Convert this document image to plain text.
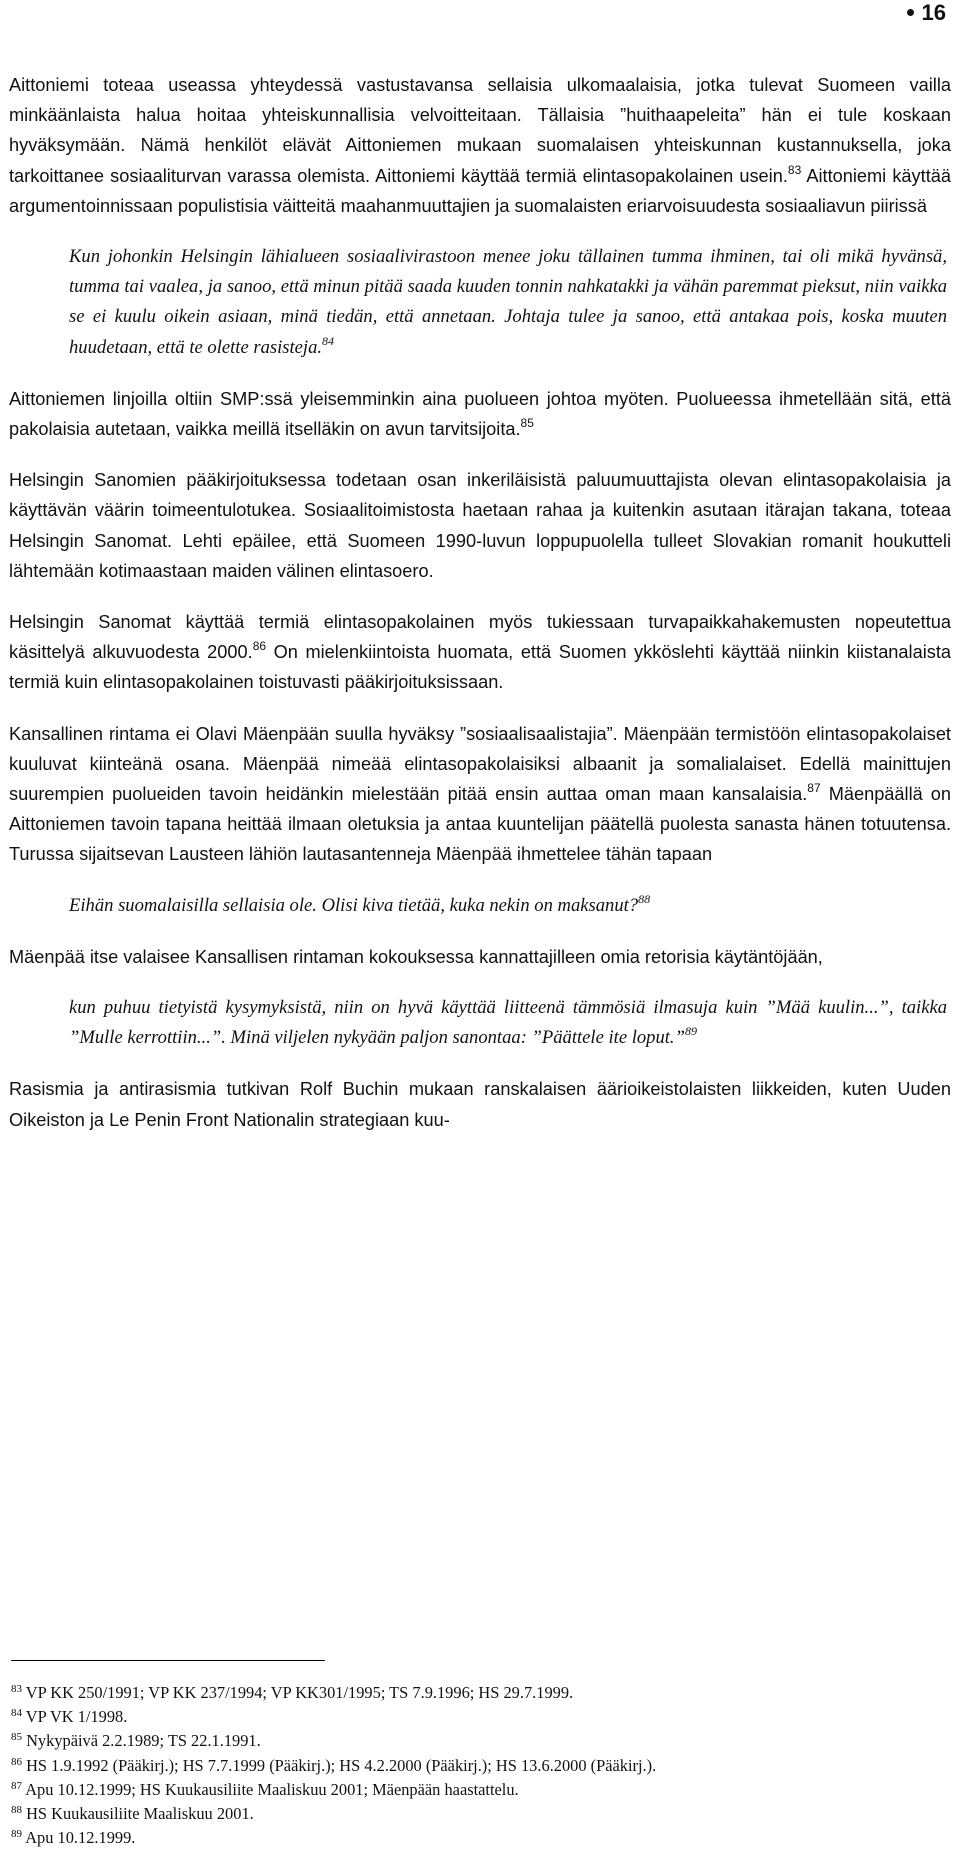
16

Aittoniemi toteaa useassa yhteydessä vastustavansa sellaisia ulkomaalaisia, jotka tulevat Suomeen vailla minkäänlaista halua hoitaa yhteiskunnallisia velvoitteitaan. Tällaisia ”huithaapeleita” hän ei tule koskaan hyväksymään. Nämä henkilöt elävät Aittoniemen mukaan suomalaisen yhteiskunnan kustannuksella, joka tarkoittanee sosiaaliturvan varassa olemista. Aittoniemi käyttää termiä elintasopakolainen usein.$^{83}$ Aittoniemi käyttää argumentoinnissaan populistisia väitteitä maahanmuuttajien ja suomalaisten eriarvoisuudesta sosiaaliavun piirissä

Kun johonkin Helsingin lähialueen sosiaalivirastoon menee joku tällainen tumma ihminen, tai oli mikä hyvänsä, tumma tai vaalea, ja sanoo, että minun pitää saada kuuden tonnin nahkatakki ja vähän paremmat pieksut, niin vaikka se ei kuulu oikein asiaan, minä tiedän, että annetaan. Johtaja tulee ja sanoo, että antakaa pois, koska muuten huudetaan, että te olette rasisteja.$^{84}$

Aittoniemen linjoilla oltiin SMP:ssä yleisemminkin aina puolueen johtoa myöten. Puolueessa ihmetellään sitä, että pakolaisia autetaan, vaikka meillä itselläkin on avun tarvitsijoita.$^{85}$

Helsingin Sanomien pääkirjoituksessa todetaan osan inkeriläisistä paluumuuttajista olevan elintasopakolaisia ja käyttävän väärin toimeentulotukea. Sosiaalitoimistosta haetaan rahaa ja kuitenkin asutaan itärajan takana, toteaa Helsingin Sanomat. Lehti epäilee, että Suomeen 1990-luvun loppupuolella tulleet Slovakian romanit houkutteli lähtemään kotimaastaan maiden välinen elintasoero.

Helsingin Sanomat käyttää termiä elintasopakolainen myös tukiessaan turvapaikkahakemusten nopeutettua käsittelyä alkuvuodesta 2000.86 On mielenkiintoista huomata, että Suomen ykköslehti käyttää niinkin kiistanalaista termiä kuin elintasopakolainen toistuvasti pääkirjoituksissaan.

Kansallinen rintama ei Olavi Mäenpään suulla hyväksy ”sosiaalisaalistajia”. Mäenpään termistöön elintasopakolaiset kuuluvat kiinteänä osana. Mäenpää nimeää elintasopakolaisiksi albaanit ja somalialaiset. Edellä mainittujen suurempien puolueiden tavoin heidänkin mielestään pitää ensin auttaa oman maan kansalaisia.$^{87}$ Mäenpäällä on Aittoniemen tavoin tapana heittää ilmaan oletuksia ja antaa kuuntelijan päätellä puolesta sanasta hänen totuutensa. Turussa sijaitsevan Lausteen lähiön lautasantenneja Mäenpää ihmettelee tähän tapaan

Eihän suomalaisilla sellaisia ole. Olisi kiva tietää, kuka nekin on maksanut?$^{88}$

Mäenpää itse valaisee Kansallisen rintaman kokouksessa kannattajilleen omia retorisia käytäntöjään,

kun puhuu tietyistä kysymyksistä, niin on hyvä käyttää liitteenä tämmösiä ilmasuja kuin ”Mää kuulin...”, taikka ”Mulle kerrottiin...”. Minä viljelen nykyään paljon sanontaa: ”Päättele ite loput.”$^{89}$

Rasismia ja antirasismia tutkivan Rolf Buchin mukaan ranskalaisen äärioikeistolaisten liikkeiden, kuten Uuden Oikeiston ja Le Penin Front Nationalin strategiaan kuu-

$^{83}$ VP KK 250/1991; VP KK 237/1994; VP KK301/1995; TS 7.9.1996; HS 29.7.1999.
$^{84}$ VP VK 1/1998.
$^{85}$ Nykypäivä 2.2.1989; TS 22.1.1991.
$^{86}$ HS 1.9.1992 (Pääkirj.); HS 7.7.1999 (Pääkirj.); HS 4.2.2000 (Pääkirj.); HS 13.6.2000 (Pääkirj.).
$^{87}$ Apu 10.12.1999; HS Kuukausiliite Maaliskuu 2001; Mäenpään haastattelu.
$^{88}$ HS Kuukausiliite Maaliskuu 2001.
$^{89}$ Apu 10.12.1999.
